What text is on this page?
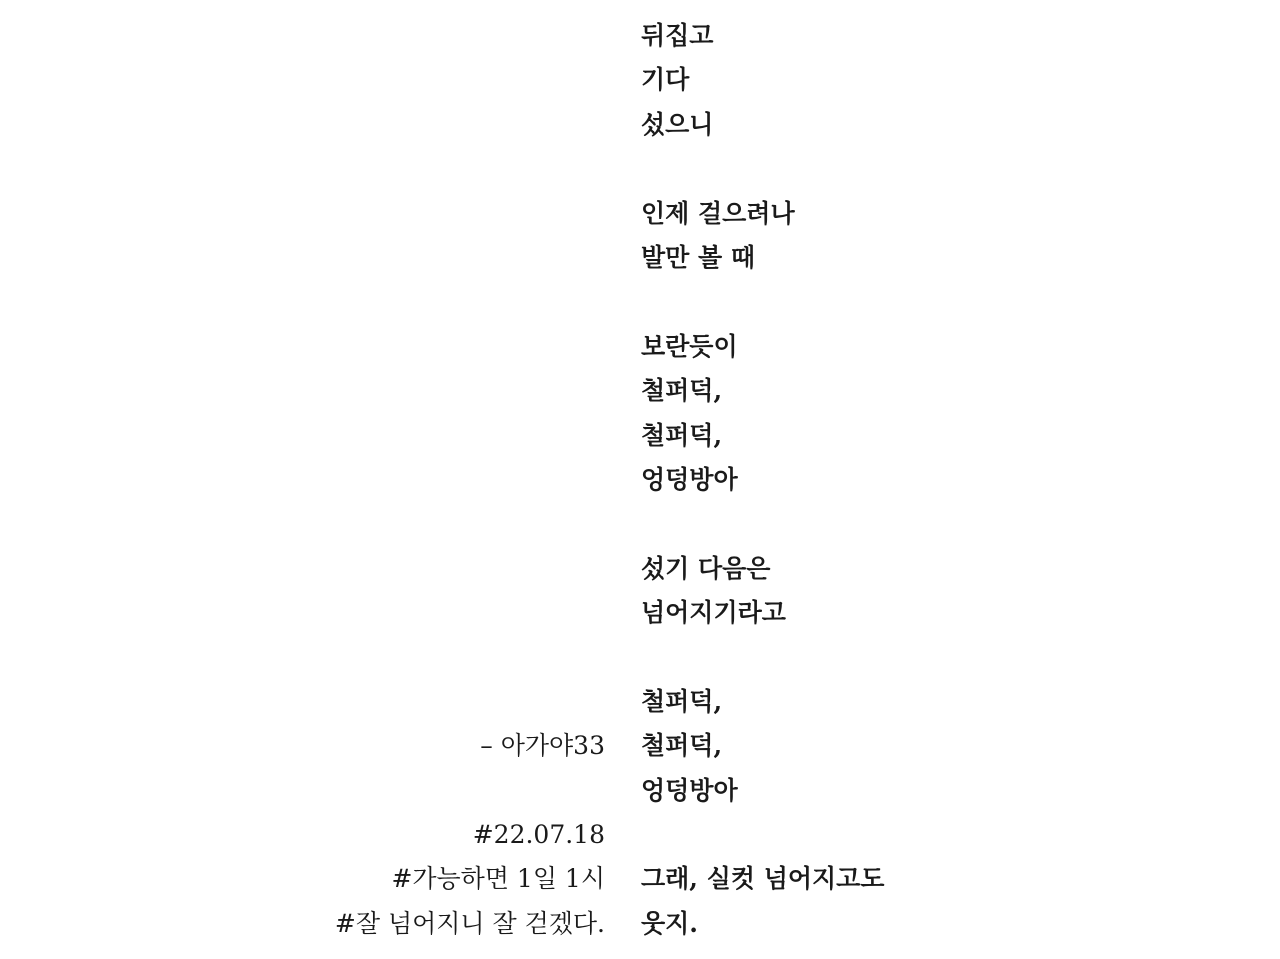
뒤집고
기다
섰으니
인제 걸으려나
발만 볼 때
보란듯이
철퍼덕,
철퍼덕,
엉덩방아
섰기 다음은
넘어지기라고
철퍼덕,
철퍼덕,
엉덩방아
그래, 실컷 넘어지고도
웃지.
– 아가야33
#22.07.18
#가능하면 1일 1시
#잘 넘어지니 잘 걷겠다.
